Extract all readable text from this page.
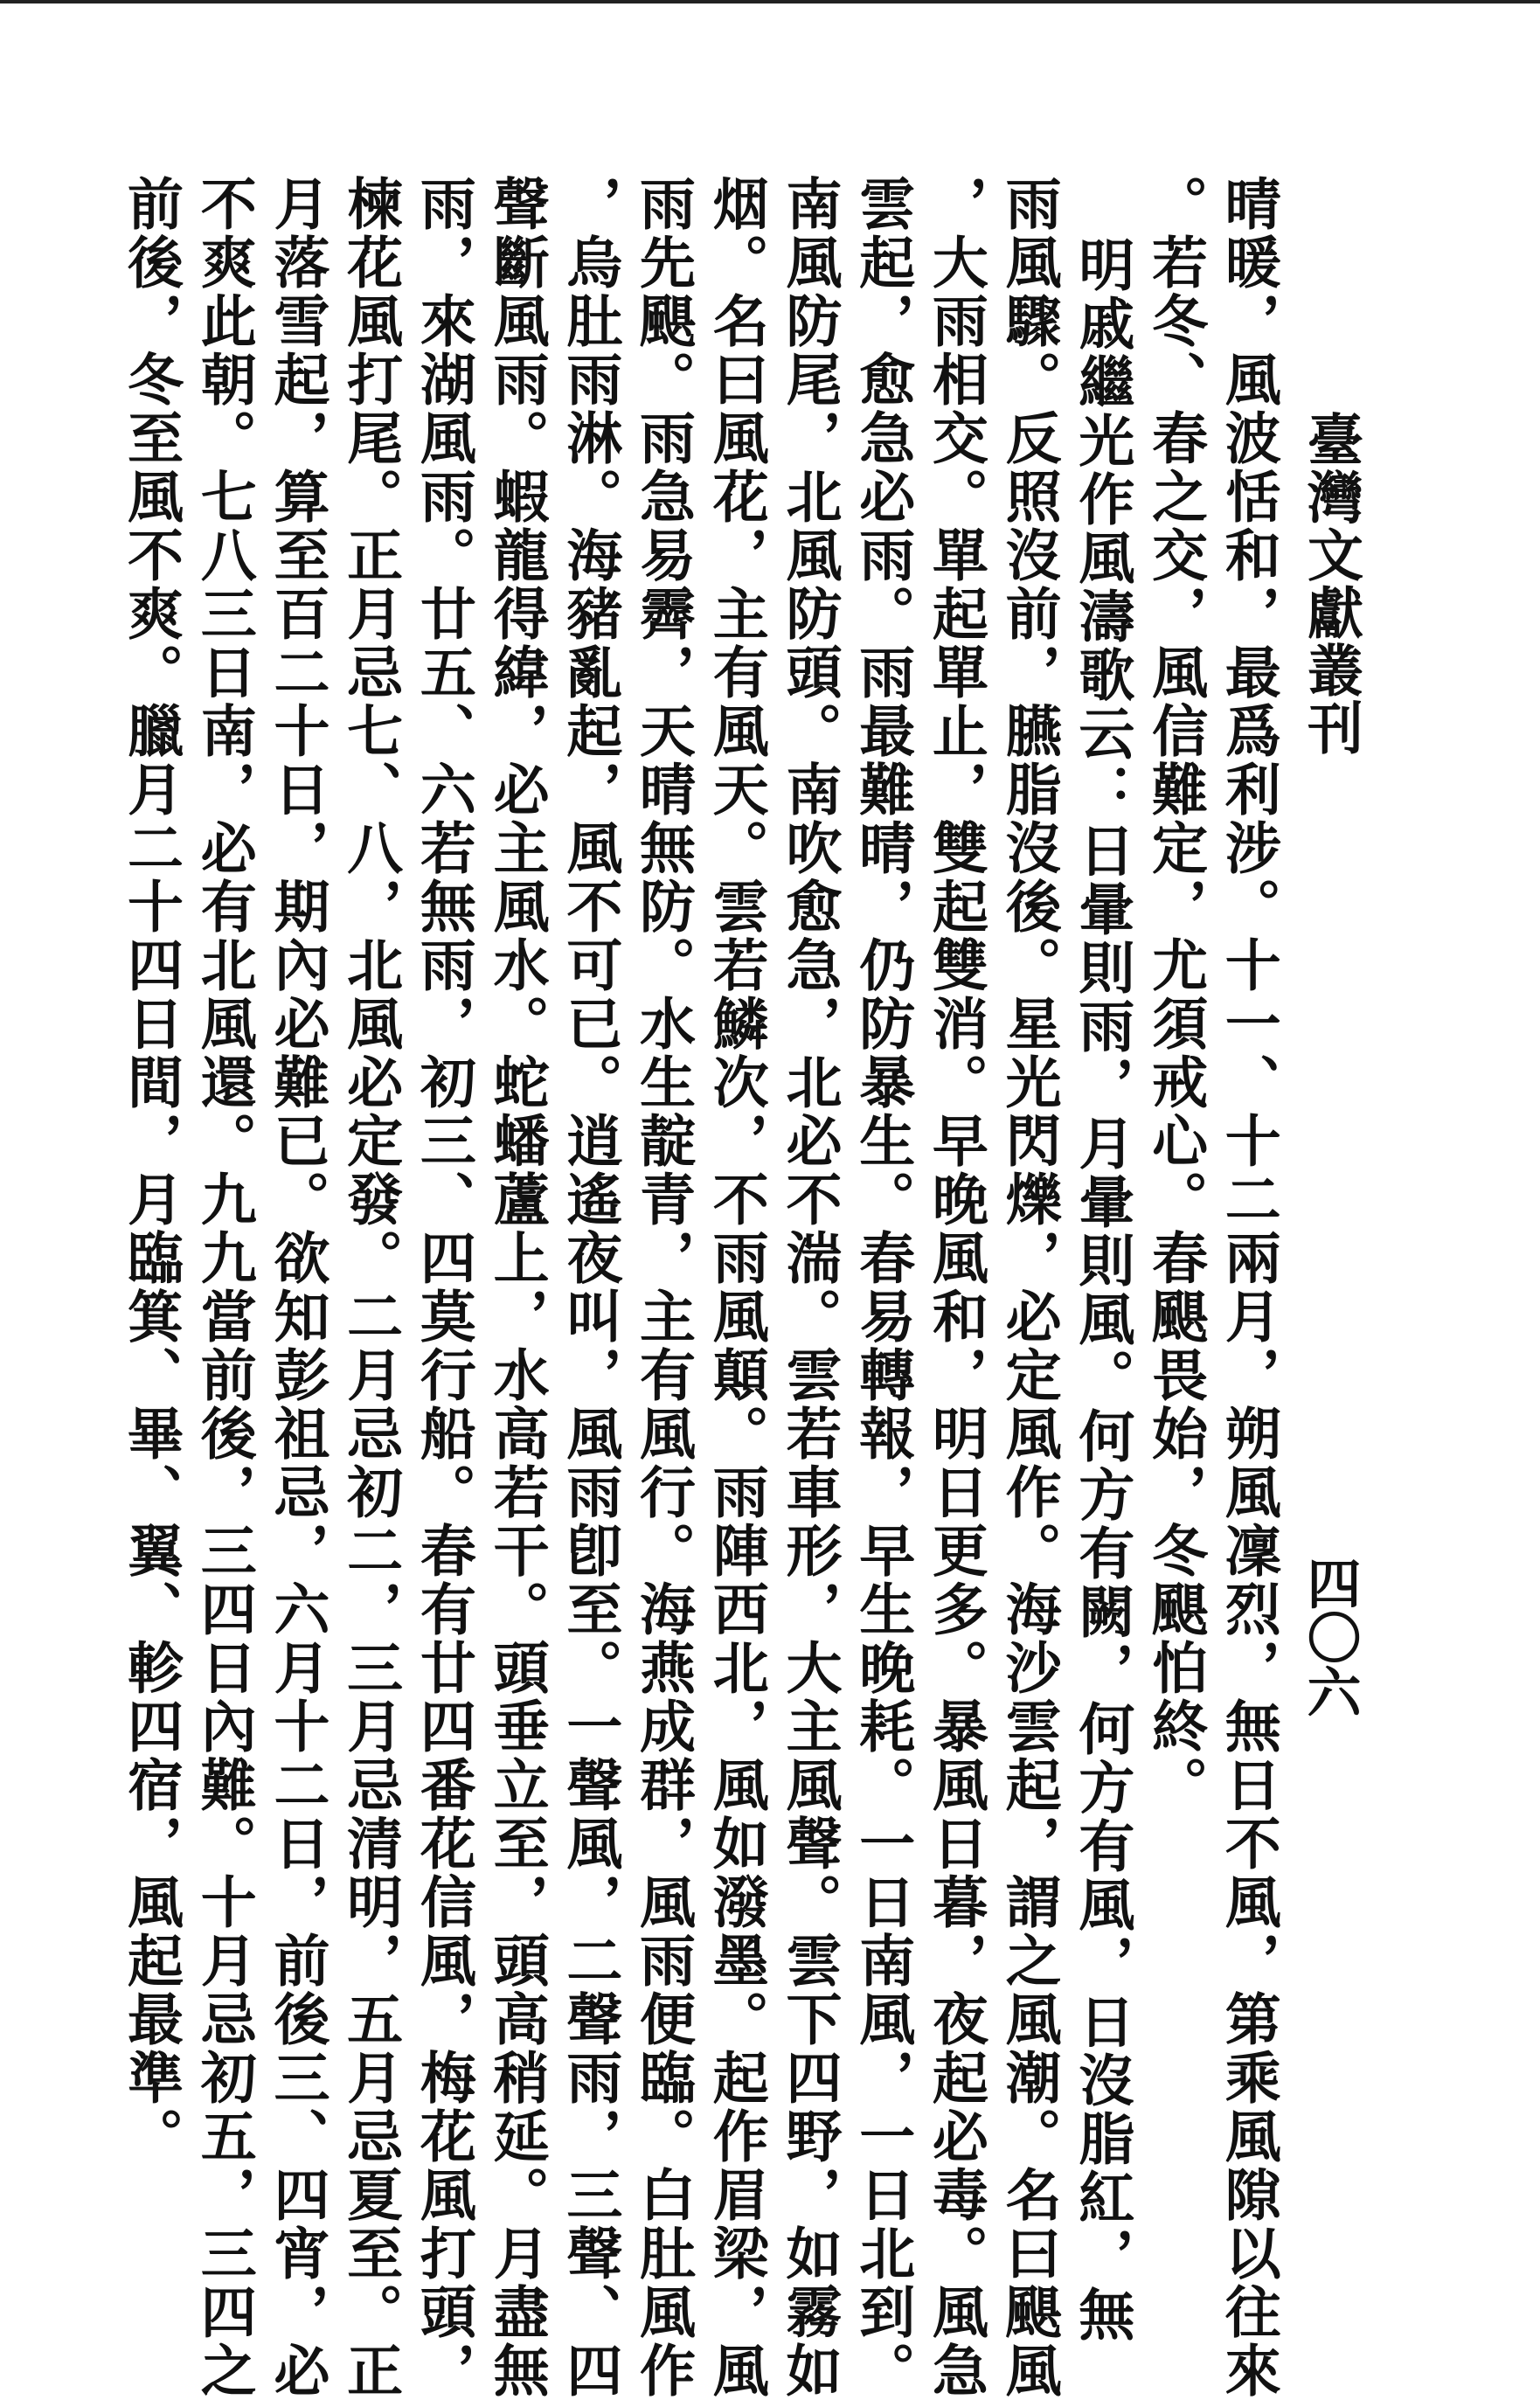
臺灣文獻叢刊
四〇六
晴暖，風波恬和，最爲利涉。十一、十二兩月，朔風凜烈，無日不風，第乘風隙以往來
。若冬、春之交，風信難定，尤須戒心。春颶畏始，冬颶怕終。
明戚繼光作風濤歌云：日暈則雨，月暈則風。何方有闕，何方有風，日沒脂紅，無
雨風驟。反照沒前，臙脂沒後。星光閃爍，必定風作。海沙雲起，謂之風潮。名曰颶風
，大雨相交。單起單止，雙起雙消。早晚風和，明日更多。暴風日暮，夜起必毒。風急
雲起，愈急必雨。雨最難晴，仍防暴生。春易轉報，早生晚耗。一日南風，一日北到。
南風防尾，北風防頭。南吹愈急，北必不湍。雲若車形，大主風聲。雲下四野，如霧如
烟。名曰風花，主有風天。雲若鱗次，不雨風顛。雨陣西北，風如潑墨。起作眉梁，風
雨先颶。雨急易霽，天晴無防。水生靛青，主有風行。海燕成群，風雨便臨。白肚風作
，烏肚雨淋。海豬亂起，風不可已。逍遙夜叫，風雨卽至。一聲風，二聲雨，三聲、四
聲斷風雨。蝦龍得緯，必主風水。蛇蟠蘆上，水高若干。頭垂立至，頭高稍延。月盡無
雨，來湖風雨。廿五、六若無雨，初三、四莫行船。春有廿四番花信風，梅花風打頭，
楝花風打尾。正月忌七、八，北風必定發。二月忌初二，三月忌清明，五月忌夏至。正
月落雪起，算至百二十日，期內必難已。欲知彭祖忌，六月十二日，前後三、四宵，必
不爽此朝。七八三日南，必有北風還。九九當前後，三四日內難。十月忌初五，三四之
前後，冬至風不爽。臘月二十四日間，月臨箕、畢、翼、軫四宿，風起最準。
